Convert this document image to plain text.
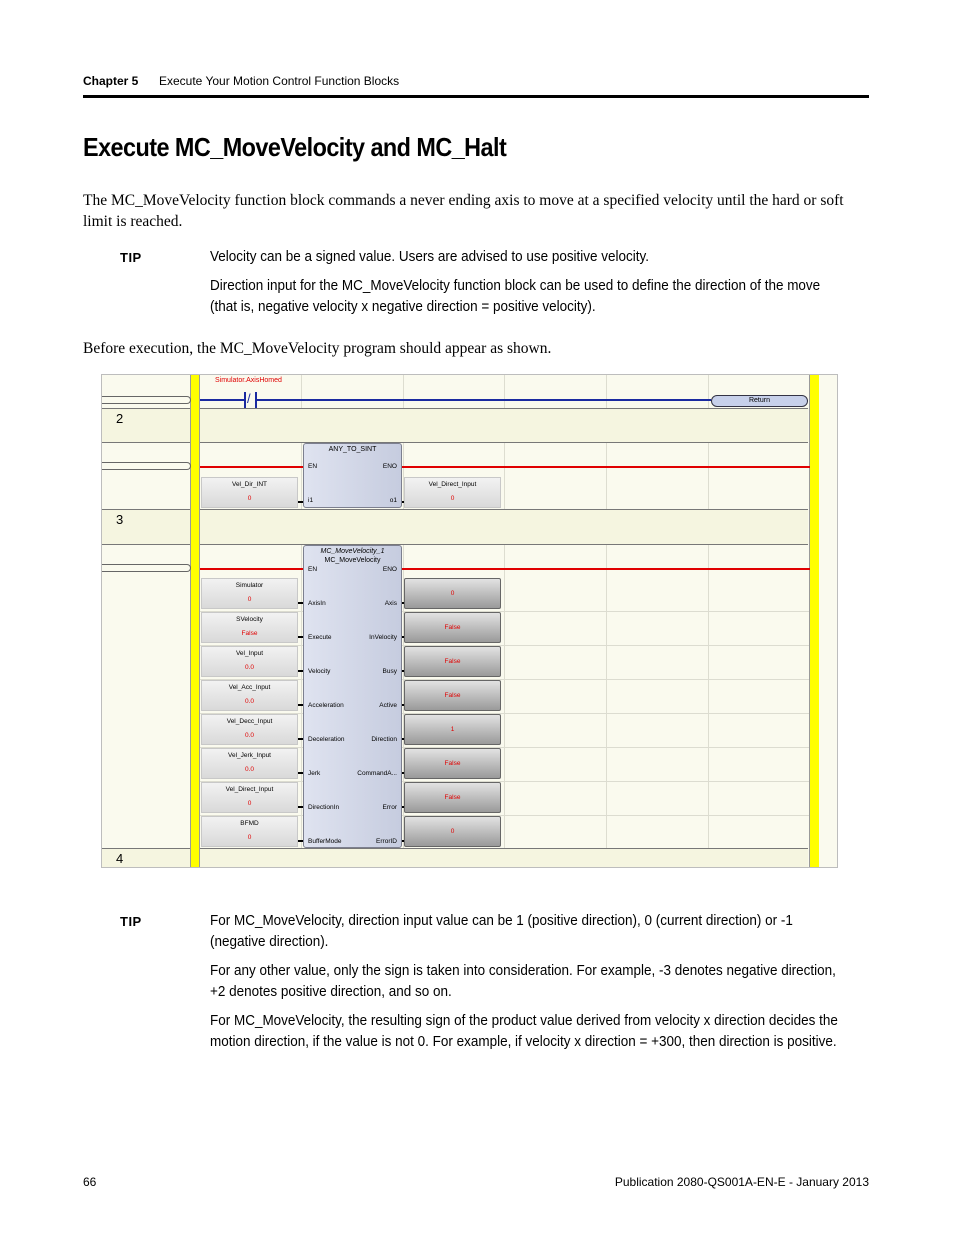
Chapter 5 Execute Your Motion Control Function Blocks
Execute MC_MoveVelocity and MC_Halt
The MC_MoveVelocity function block commands a never ending axis to move at a specified velocity until the hard or soft
limit is reached.
TIP	Velocity can be a signed value. Users are advised to use positive velocity.
Direction input for the MC_MoveVelocity function block can be used to define the direction of the move
(that is, negative velocity x negative direction = positive velocity).
Before execution, the MC_MoveVelocity program should appear as shown.
2
3
4
Simulator.AxisHomed
/	Return
ANY_TO_SINT
EN	ENO
i1	o1
Vel_Dir_INT
0
Vel_Direct_Input
0
MC_MoveVelocity_1
MC_MoveVelocity
EN	ENO
AxisIn
Execute
Velocity
Acceleration
Deceleration
Jerk
DirectionIn
BufferMode
Axis
InVelocity
Busy
Active
Direction
CommandA...
Error
ErrorID
Simulator
0
SVelocity
False
Vel_Input
0.0
Vel_Acc_Input
0.0
Vel_Decc_Input
0.0
Vel_Jerk_Input
0.0
Vel_Direct_Input
0
BFMD
0
0
False
False
False
1
False
False
0
TIP	For MC_MoveVelocity, direction input value can be 1 (positive direction), 0 (current direction) or -1
(negative direction).
For any other value, only the sign is taken into consideration. For example, -3 denotes negative direction,
+2 denotes positive direction, and so on.
For MC_MoveVelocity, the resulting sign of the product value derived from velocity x direction decides the
motion direction, if the value is not 0. For example, if velocity x direction = +300, then direction is positive.
66	Publication 2080-QS001A-EN-E - January 2013
